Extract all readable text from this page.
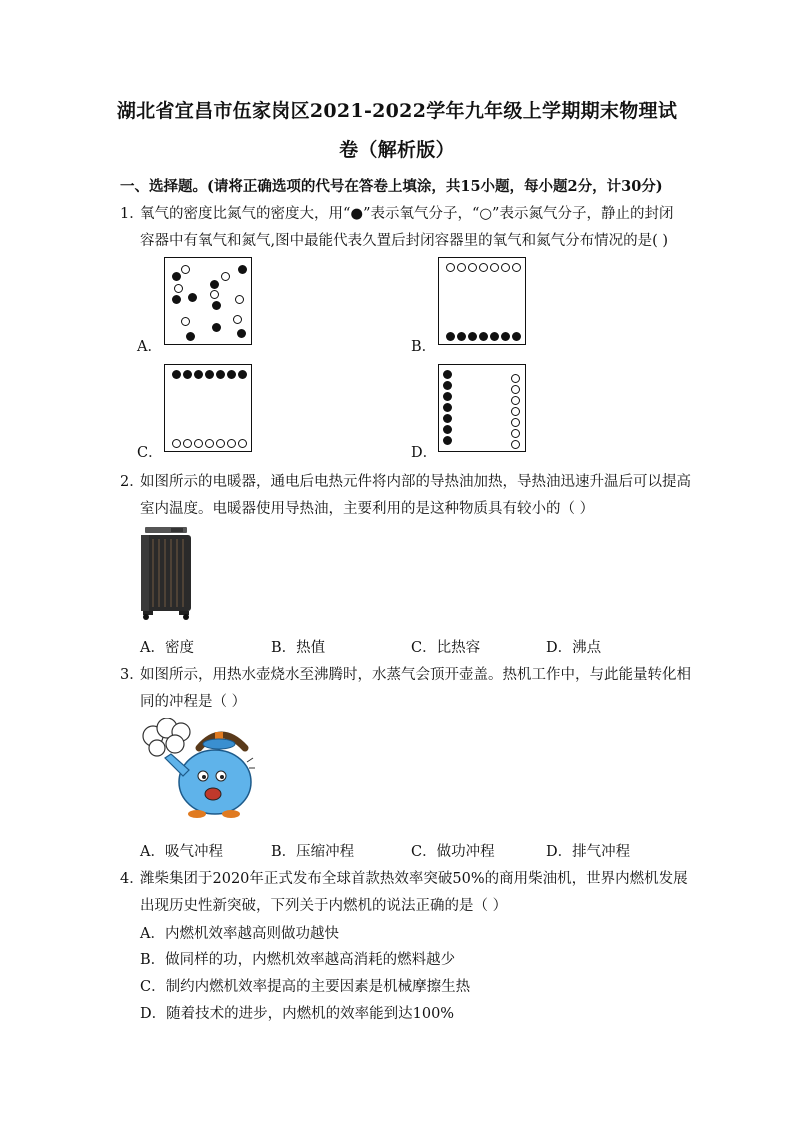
湖北省宜昌市伍家岗区2021-2022学年九年级上学期期末物理试
卷（解析版）
一、选择题。(请将正确选项的代号在答卷上填涂，共15小题，每小题2分，计30分)
1．
氧气的密度比氮气的密度大，用“●”表示氧气分子，“○”表示氮气分子，静止的封闭
容器中有氧气和氮气,图中最能代表久置后封闭容器里的氧气和氮气分布情况的是( )
A．	B．
C．	D．
2．
如图所示的电暖器，通电后电热元件将内部的导热油加热，导热油迅速升温后可以提高
室内温度。电暖器使用导热油，主要利用的是这种物质具有较小的（ ）
A．密度	B．热值	C．比热容	D．沸点
3．
如图所示，用热水壶烧水至沸腾时，水蒸气会顶开壶盖。热机工作中，与此能量转化相
同的冲程是（ ）
A．吸气冲程	B．压缩冲程	C．做功冲程	D．排气冲程
4．
潍柴集团于2020年正式发布全球首款热效率突破50%的商用柴油机，世界内燃机发展
出现历史性新突破，下列关于内燃机的说法正确的是（ ）
A．内燃机效率越高则做功越快
B．做同样的功，内燃机效率越高消耗的燃料越少
C．制约内燃机效率提高的主要因素是机械摩擦生热
D．随着技术的进步，内燃机的效率能到达100%
